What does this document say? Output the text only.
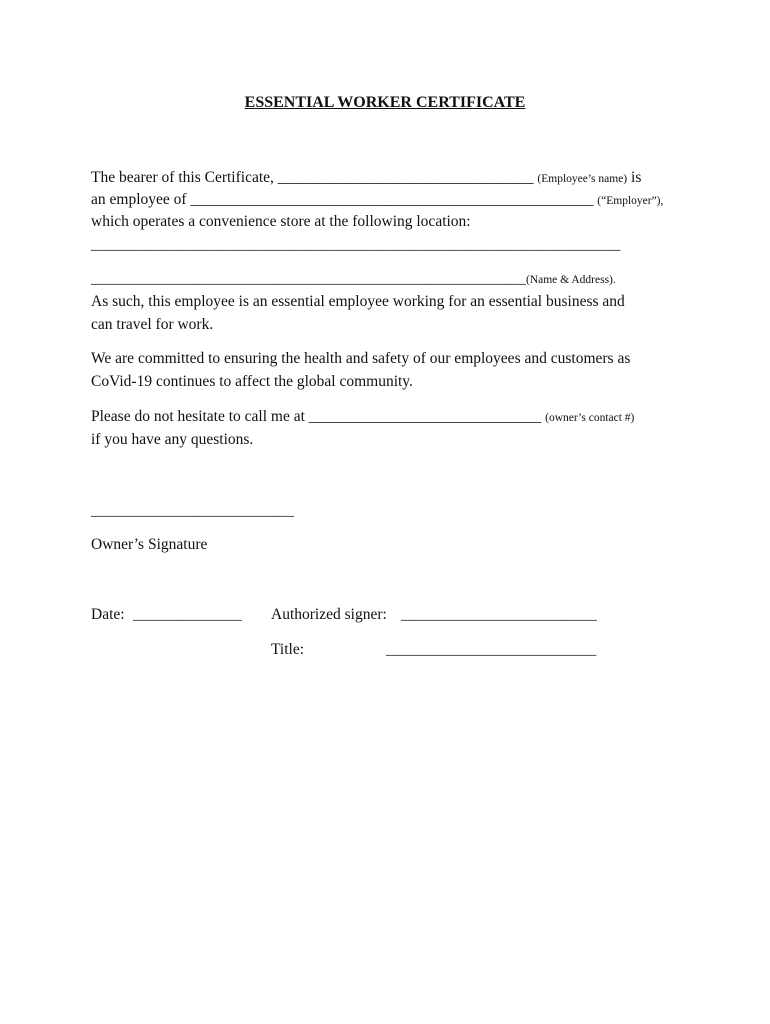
ESSENTIAL WORKER CERTIFICATE
The bearer of this Certificate, _________________________________ (Employee’s name) is
an employee of ____________________________________________________ (“Employer”),
which operates a convenience store at the following location:
_________________________________________________________________________
____________________________________________________________(Name & Address).
As such, this employee is an essential employee working for an essential business and
can travel for work.
We are committed to ensuring the health and safety of our employees and customers as
CoVid-19 continues to affect the global community.
Please do not hesitate to call me at ______________________________ (owner’s contact #)
if you have any questions.
____________________________
Owner’s Signature
Date: _______________ Authorized signer: ___________________________
Title:	_____________________________
